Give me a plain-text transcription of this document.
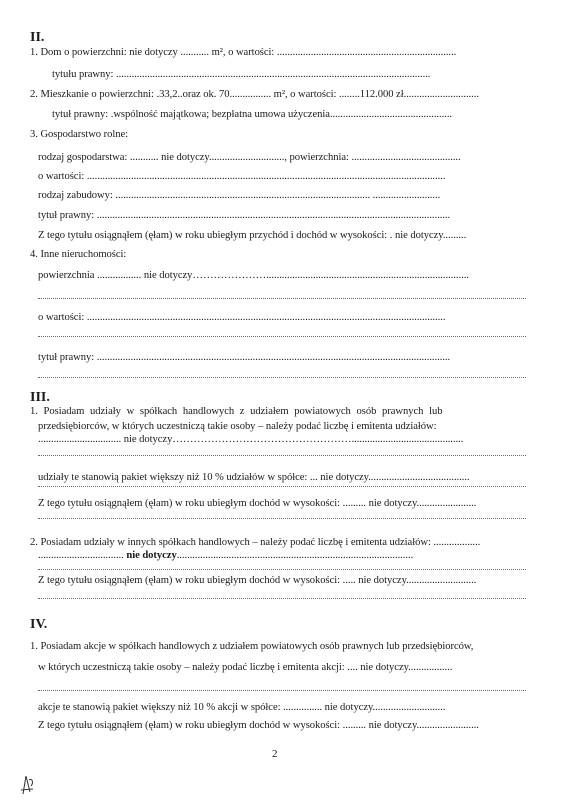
II.
1. Dom o powierzchni: nie dotyczy ........... m², o wartości: .....................................................................
tytułu prawny: .........................................................................................................................
2. Mieszkanie o powierzchni: .33,2..oraz ok. 70................ m², o wartości: ........112.000 zł.............................
tytuł prawny: .wspólność majątkowa; bezpłatna umowa użyczenia...............................................
3. Gospodarstwo rolne:
rodzaj gospodarstwa: ........... nie dotyczy............................., powierzchnia: ..........................................
o wartości: ..........................................................................................................................................
rodzaj zabudowy: .................................................................................................. ..........................
tytuł prawny: ........................................................................................................................................
Z tego tytułu osiągnąłem (ęłam) w roku ubiegłym przychód i dochód w wysokości: . nie dotyczy.........
4. Inne nieruchomości:
powierzchnia ................. nie dotyczy…………………..............................................................................
o wartości: ..........................................................................................................................................
tytuł prawny: ........................................................................................................................................
III.
1. Posiadam udziały w spółkach handlowych z udziałem powiatowych osób prawnych lub
przedsiębiorców, w których uczestniczą takie osoby – należy podać liczbę i emitenta udziałów:
................................ nie dotyczy……………………………………………...........................................
udziały te stanowią pakiet większy niż 10 % udziałów w spółce: ... nie dotyczy.......................................
Z tego tytułu osiągnąłem (ęłam) w roku ubiegłym dochód w wysokości: ......... nie dotyczy.......................
2. Posiadam udziały w innych spółkach handlowych – należy podać liczbę i emitenta udziałów: ..................
................................. nie dotyczy...........................................................................................
Z tego tytułu osiągnąłem (ęłam) w roku ubiegłym dochód w wysokości: ..... nie dotyczy...........................
IV.
1. Posiadam akcje w spółkach handlowych z udziałem powiatowych osób prawnych lub przedsiębiorców,
w których uczestniczą takie osoby – należy podać liczbę i emitenta akcji: .... nie dotyczy.................
akcje te stanowią pakiet większy niż 10 % akcji w spółce: ............... nie dotyczy............................
Z tego tytułu osiągnąłem (ęłam) w roku ubiegłym dochód w wysokości: ......... nie dotyczy........................
2
